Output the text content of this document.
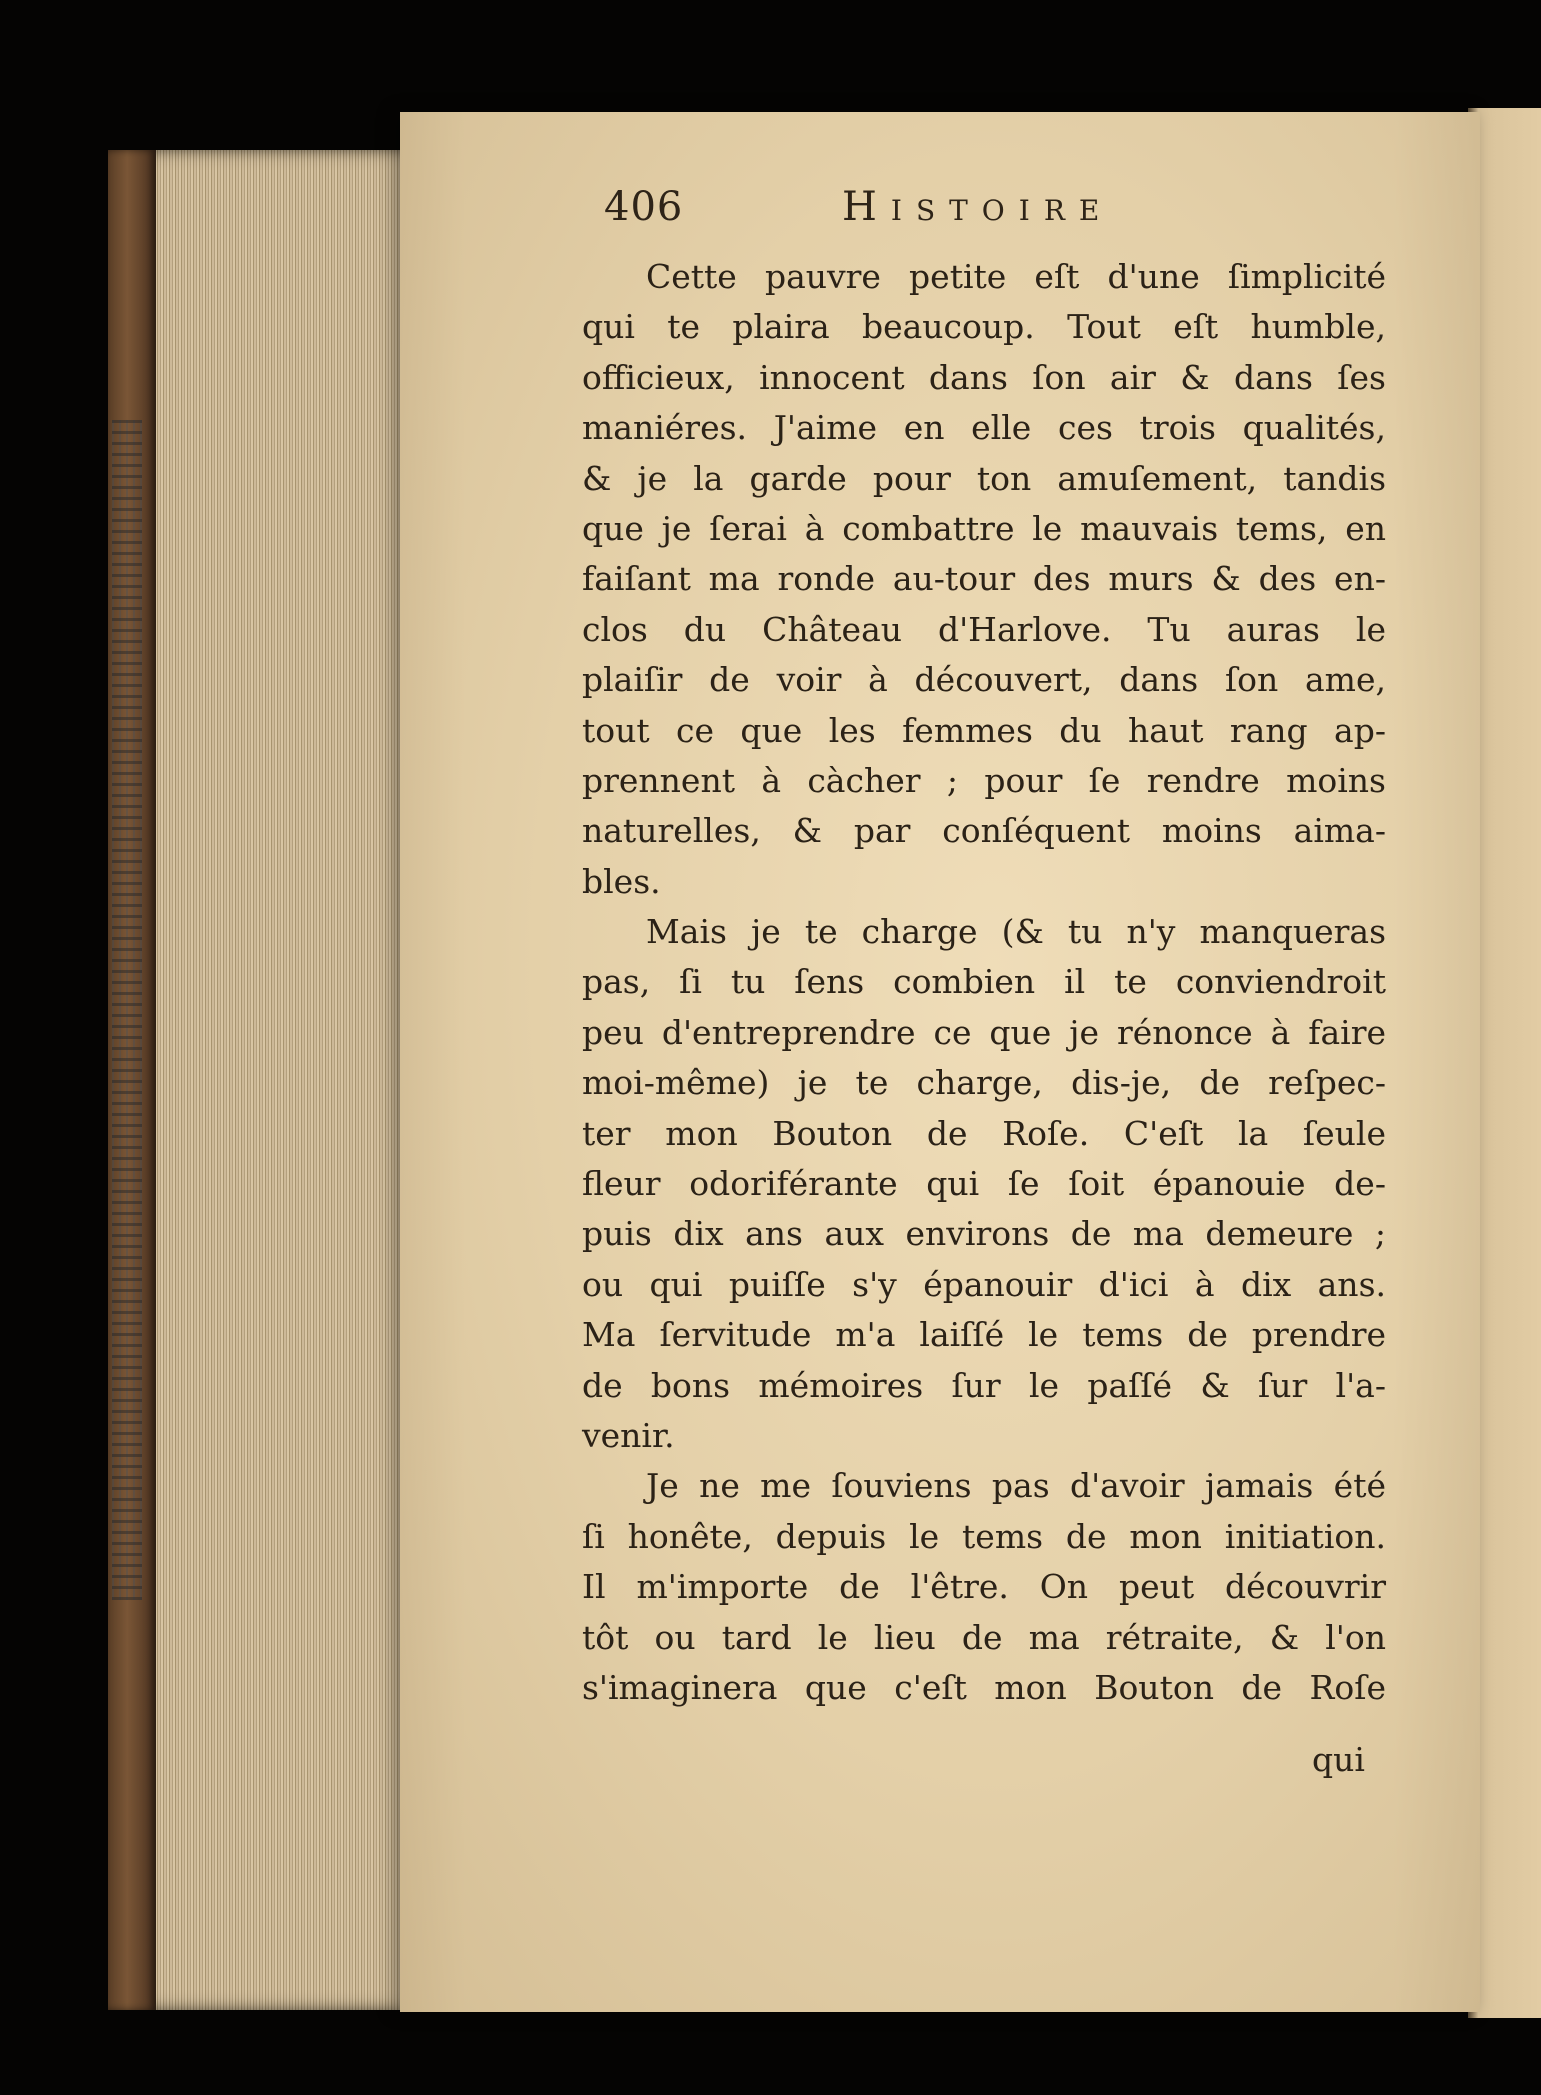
406	Histoire

Cette pauvre petite eſt d'une ſimplicité
qui te plaira beaucoup. Tout eſt humble,
officieux, innocent dans ſon air & dans ſes
maniéres. J'aime en elle ces trois qualités,
& je la garde pour ton amuſement, tandis
que je ſerai à combattre le mauvais tems, en
faiſant ma ronde au-tour des murs & des en-
clos du Château d'Harlove. Tu auras le
plaiſir de voir à découvert, dans ſon ame,
tout ce que les femmes du haut rang ap-
prennent à càcher ; pour ſe rendre moins
naturelles, & par conſéquent moins aima-
bles.

Mais je te charge (& tu n'y manqueras
pas, ſi tu ſens combien il te conviendroit
peu d'entreprendre ce que je rénonce à faire
moi-même) je te charge, dis-je, de reſpec-
ter mon Bouton de Roſe. C'eſt la ſeule
fleur odoriférante qui ſe ſoit épanouie de-
puis dix ans aux environs de ma demeure ;
ou qui puiſſe s'y épanouir d'ici à dix ans.
Ma ſervitude m'a laiſſé le tems de prendre
de bons mémoires ſur le paſſé & ſur l'a-
venir.

Je ne me ſouviens pas d'avoir jamais été
ſi honête, depuis le tems de mon initiation.
Il m'importe de l'être. On peut découvrir
tôt ou tard le lieu de ma rétraite, & l'on
s'imaginera que c'eſt mon Bouton de Roſe

qui
